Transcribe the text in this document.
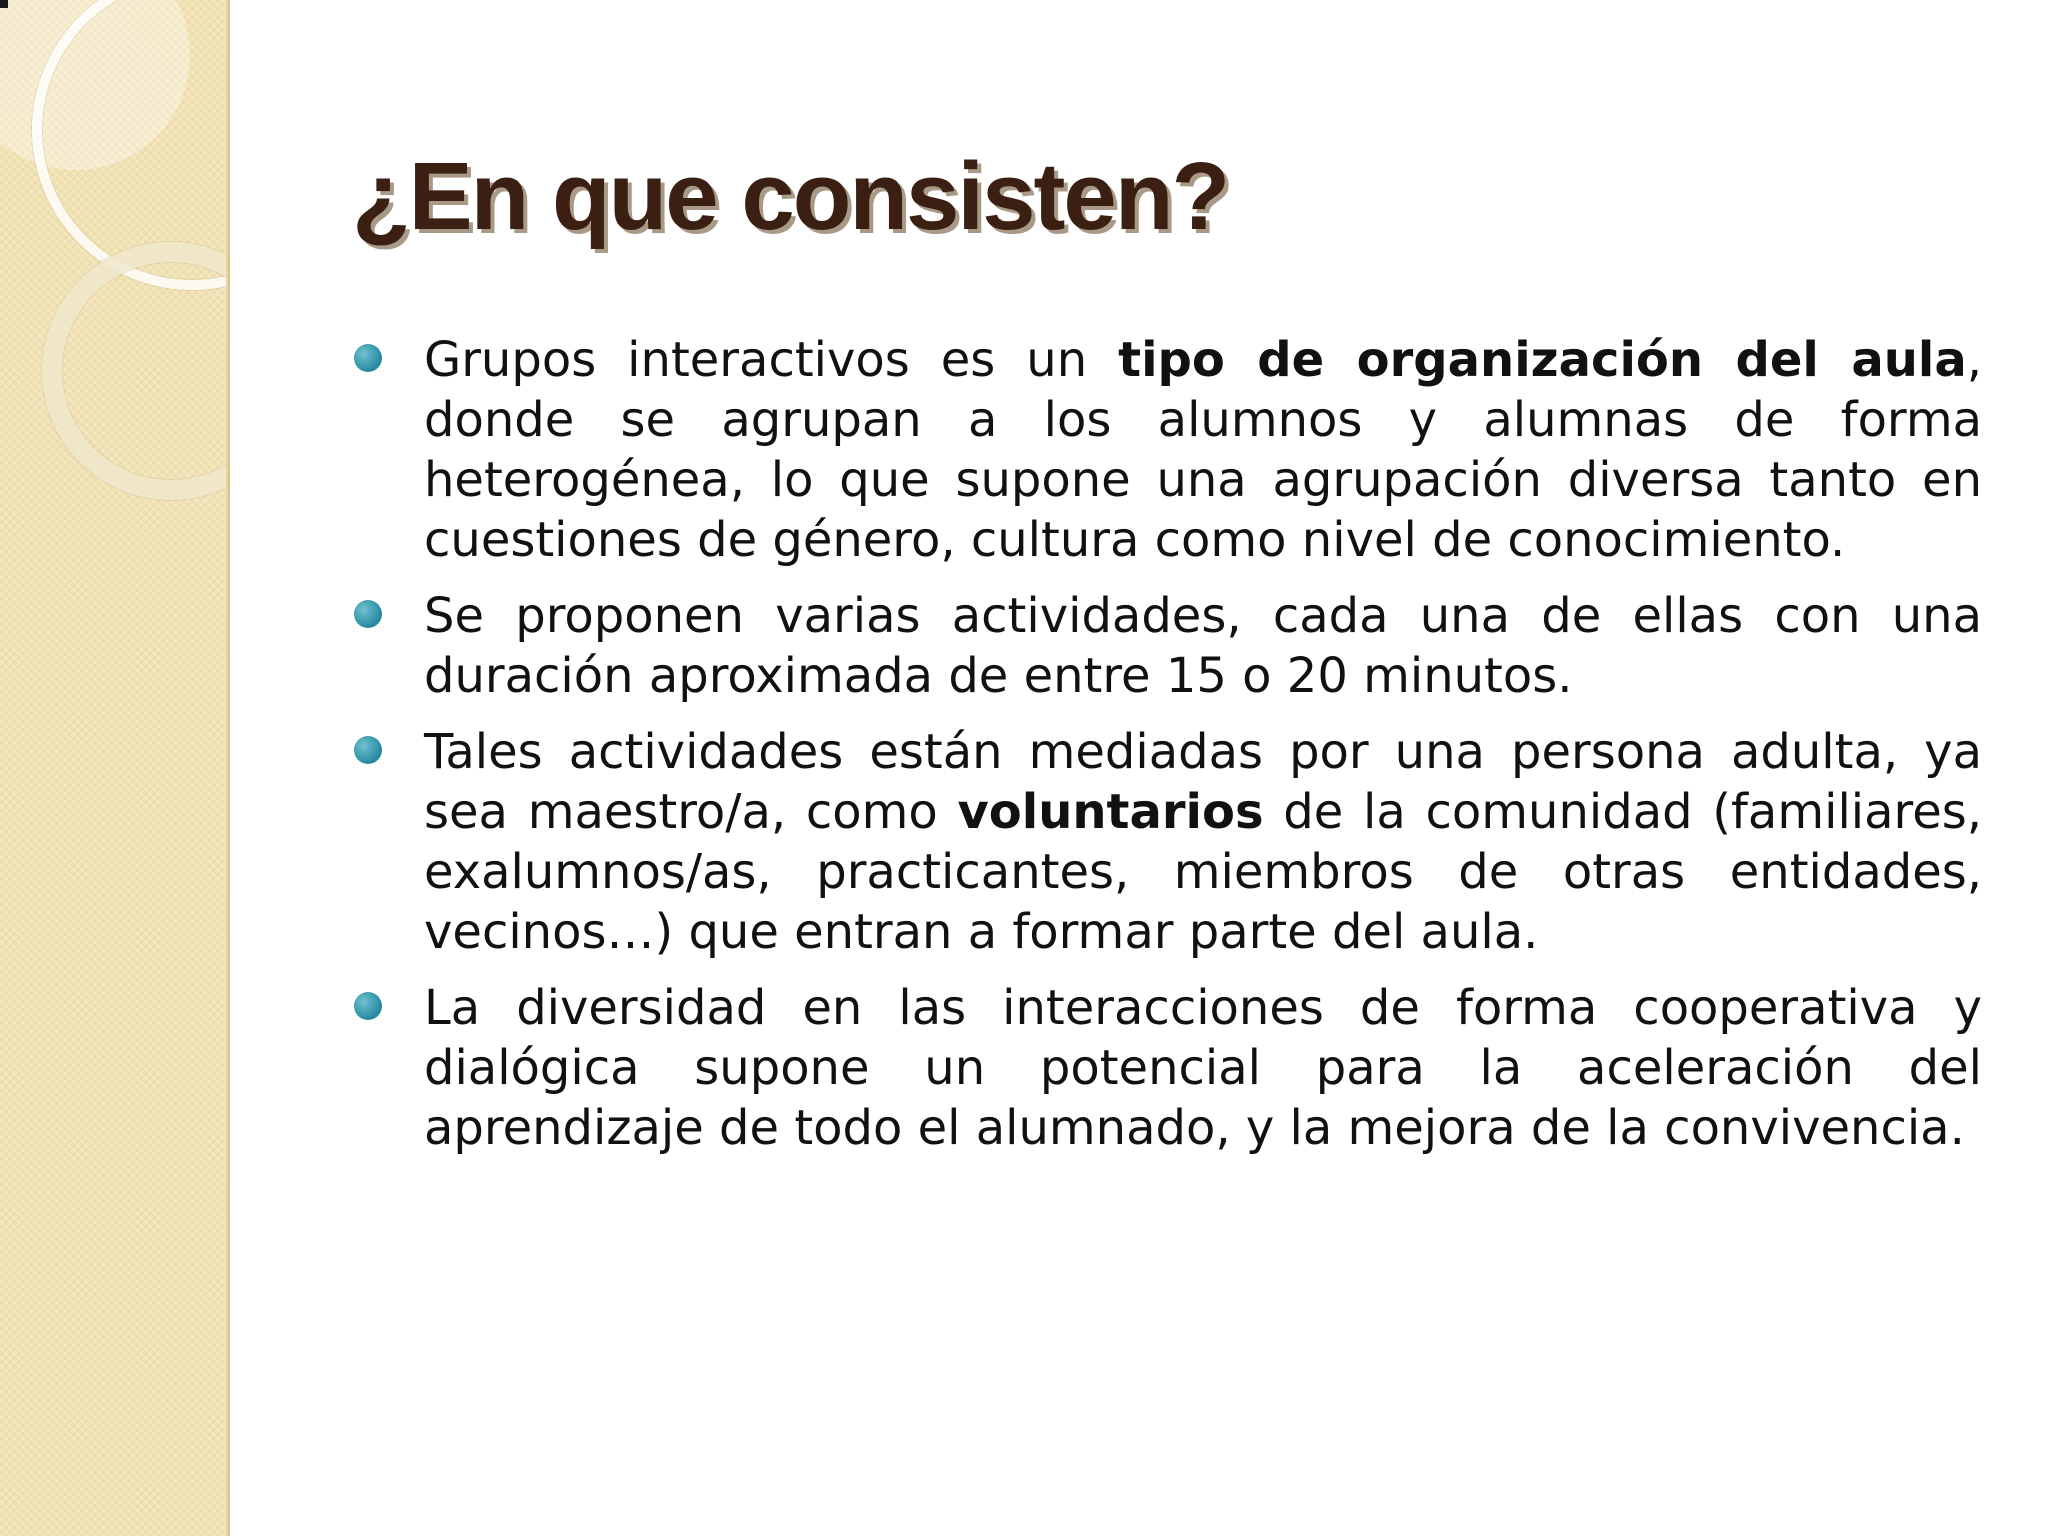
¿En que consisten?

Grupos interactivos es un tipo de organización del aula, donde se agrupan a los alumnos y alumnas de forma heterogénea, lo que supone una agrupación diversa tanto en cuestiones de género, cultura como nivel de conocimiento.

Se proponen varias actividades, cada una de ellas con una duración aproximada de entre 15 o 20 minutos.

Tales actividades están mediadas por una persona adulta, ya sea maestro/a, como voluntarios de la comunidad (familiares, exalumnos/as, practicantes, miembros de otras entidades, vecinos…) que entran a formar parte del aula.

La diversidad en las interacciones de forma cooperativa y dialógica supone un potencial para la aceleración del aprendizaje de todo el alumnado, y la mejora de la convivencia.
